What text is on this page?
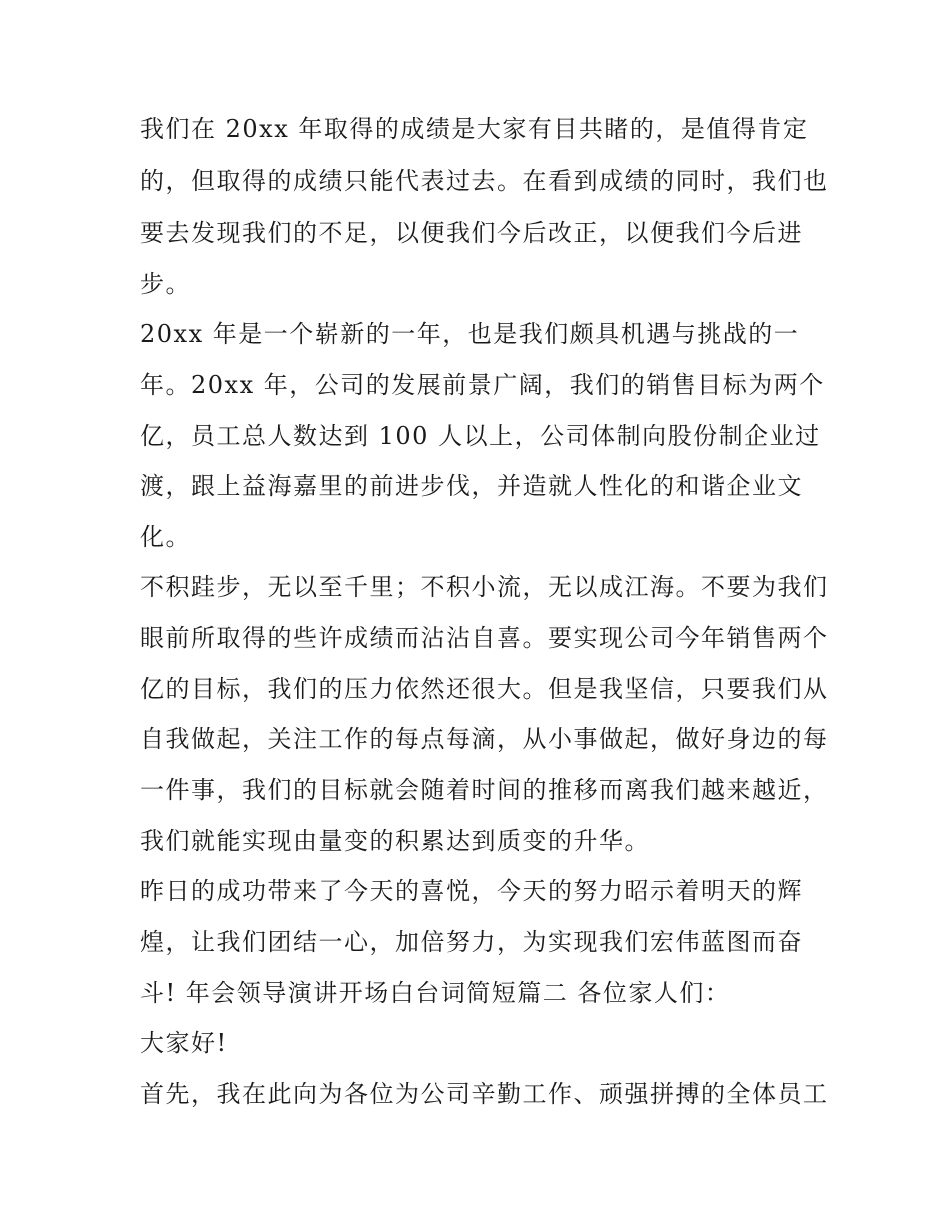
我们在 20xx 年取得的成绩是大家有目共睹的，是值得肯定
的，但取得的成绩只能代表过去。在看到成绩的同时，我们也
要去发现我们的不足，以便我们今后改正，以便我们今后进
步。
20xx 年是一个崭新的一年，也是我们颇具机遇与挑战的一
年。20xx 年，公司的发展前景广阔，我们的销售目标为两个
亿，员工总人数达到 100 人以上，公司体制向股份制企业过
渡，跟上益海嘉里的前进步伐，并造就人性化的和谐企业文
化。
不积跬步，无以至千里；不积小流，无以成江海。不要为我们
眼前所取得的些许成绩而沾沾自喜。要实现公司今年销售两个
亿的目标，我们的压力依然还很大。但是我坚信，只要我们从
自我做起，关注工作的每点每滴，从小事做起，做好身边的每
一件事，我们的目标就会随着时间的推移而离我们越来越近，
我们就能实现由量变的积累达到质变的升华。
昨日的成功带来了今天的喜悦，今天的努力昭示着明天的辉
煌，让我们团结一心，加倍努力，为实现我们宏伟蓝图而奋
斗! 年会领导演讲开场白台词简短篇二 各位家人们：
大家好!
首先，我在此向为各位为公司辛勤工作、顽强拼搏的全体员工
